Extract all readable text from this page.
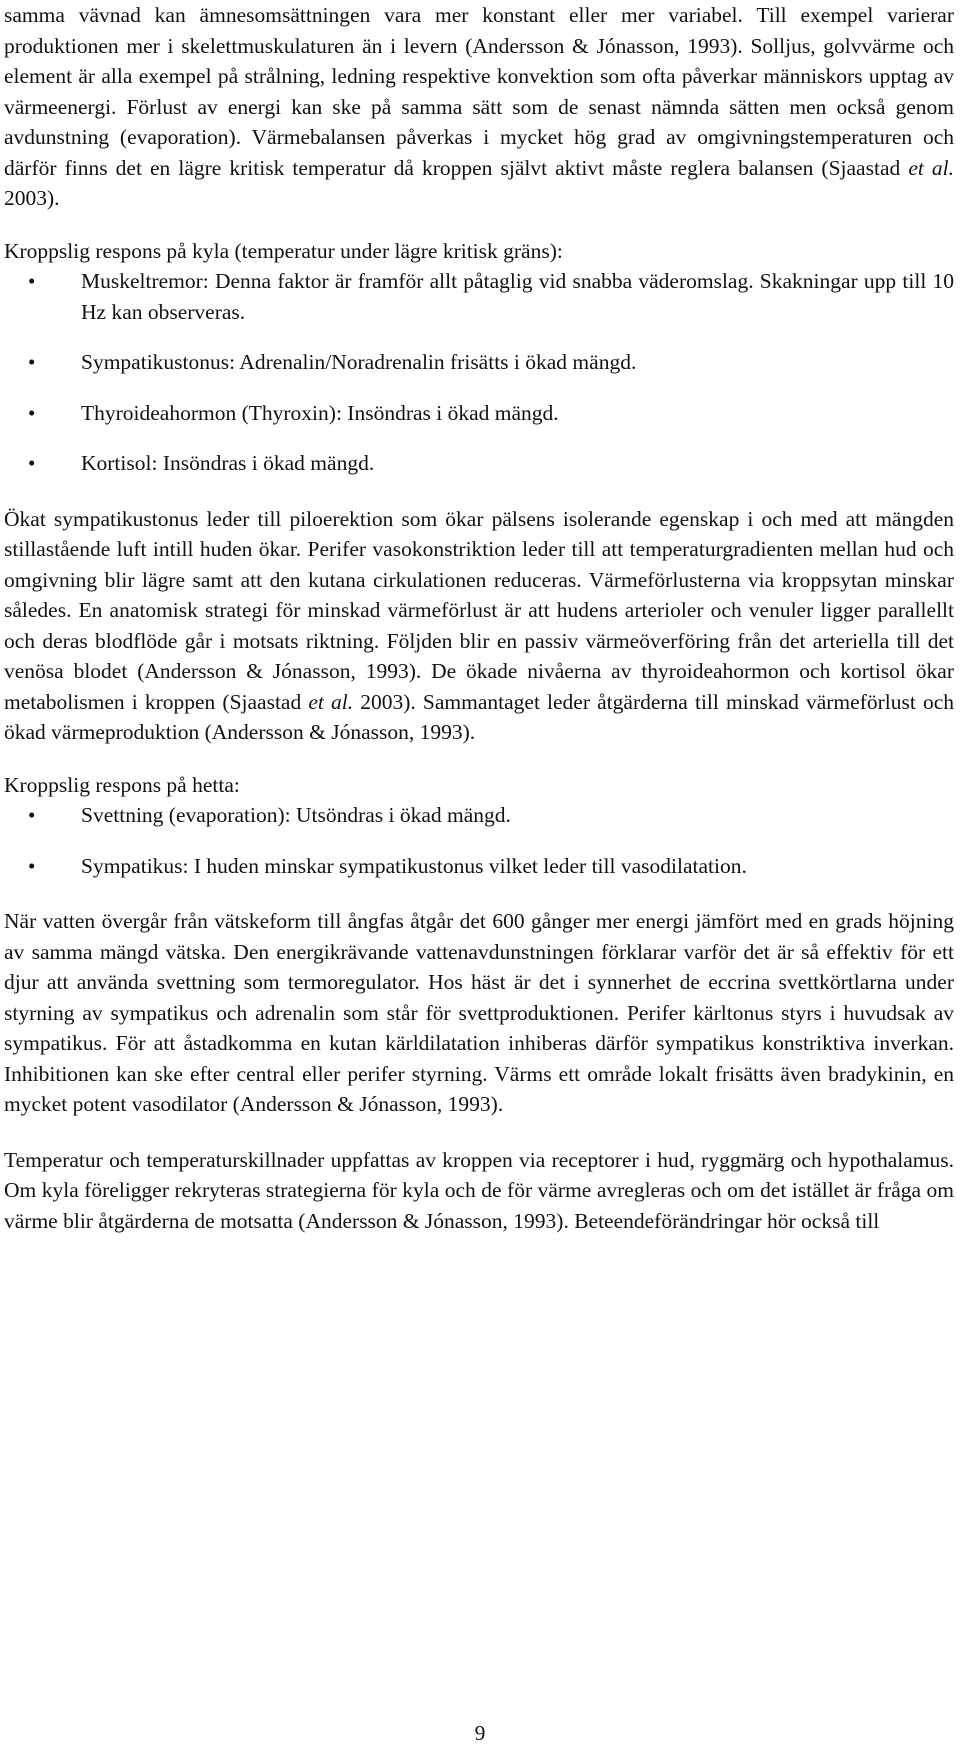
samma vävnad kan ämnesomsättningen vara mer konstant eller mer variabel. Till exempel varierar produktionen mer i skelettmuskulaturen än i levern (Andersson & Jónasson, 1993). Solljus, golvvärme och element är alla exempel på strålning, ledning respektive konvektion som ofta påverkar människors upptag av värmeenergi. Förlust av energi kan ske på samma sätt som de senast nämnda sätten men också genom avdunstning (evaporation). Värmebalansen påverkas i mycket hög grad av omgivningstemperaturen och därför finns det en lägre kritisk temperatur då kroppen självt aktivt måste reglera balansen (Sjaastad et al. 2003).

Kroppslig respons på kyla (temperatur under lägre kritisk gräns):

• Muskeltremor: Denna faktor är framför allt påtaglig vid snabba väderomslag. Skakningar upp till 10 Hz kan observeras.
• Sympatikustonus: Adrenalin/Noradrenalin frisätts i ökad mängd.
• Thyroideahormon (Thyroxin): Insöndras i ökad mängd.
• Kortisol: Insöndras i ökad mängd.

Ökat sympatikustonus leder till piloerektion som ökar pälsens isolerande egenskap i och med att mängden stillastående luft intill huden ökar. Perifer vasokonstriktion leder till att temperaturgradienten mellan hud och omgivning blir lägre samt att den kutana cirkulationen reduceras. Värmeförlusterna via kroppsytan minskar således. En anatomisk strategi för minskad värmeförlust är att hudens arterioler och venuler ligger parallellt och deras blodflöde går i motsats riktning. Följden blir en passiv värmeöverföring från det arteriella till det venösa blodet (Andersson & Jónasson, 1993). De ökade nivåerna av thyroideahormon och kortisol ökar metabolismen i kroppen (Sjaastad et al. 2003). Sammantaget leder åtgärderna till minskad värmeförlust och ökad värmeproduktion (Andersson & Jónasson, 1993).

Kroppslig respons på hetta:

• Svettning (evaporation): Utsöndras i ökad mängd.
• Sympatikus: I huden minskar sympatikustonus vilket leder till vasodilatation.

När vatten övergår från vätskeform till ångfas åtgår det 600 gånger mer energi jämfört med en grads höjning av samma mängd vätska. Den energikrävande vattenavdunstningen förklarar varför det är så effektiv för ett djur att använda svettning som termoregulator. Hos häst är det i synnerhet de eccrina svettkörtlarna under styrning av sympatikus och adrenalin som står för svettproduktionen. Perifer kärltonus styrs i huvudsak av sympatikus. För att åstadkomma en kutan kärldilatation inhiberas därför sympatikus konstriktiva inverkan. Inhibitionen kan ske efter central eller perifer styrning. Värms ett område lokalt frisätts även bradykinin, en mycket potent vasodilator (Andersson & Jónasson, 1993).

Temperatur och temperaturskillnader uppfattas av kroppen via receptorer i hud, ryggmärg och hypothalamus. Om kyla föreligger rekryteras strategierna för kyla och de för värme avregleras och om det istället är fråga om värme blir åtgärderna de motsatta (Andersson & Jónasson, 1993). Beteendeförändringar hör också till

9
